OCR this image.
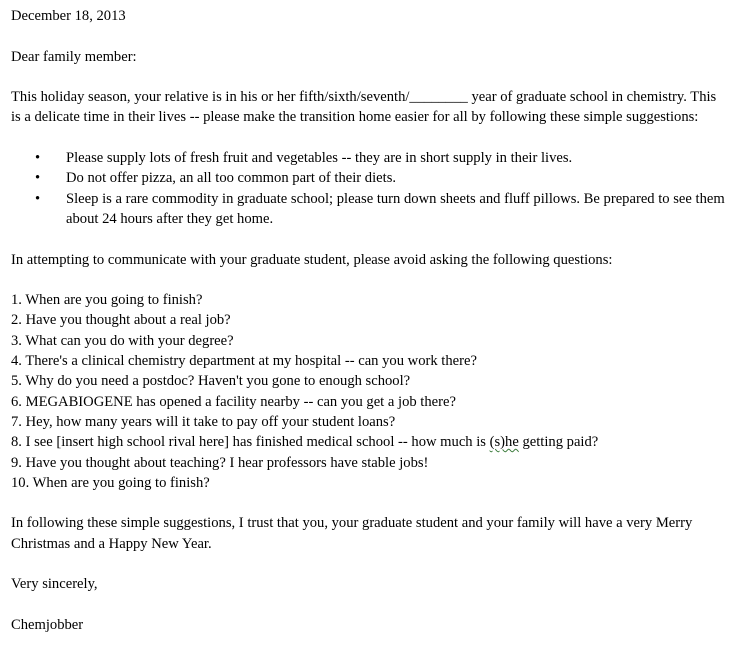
December 18, 2013
Dear family member:
This holiday season, your relative is in his or her fifth/sixth/seventh/________ year of graduate school in chemistry. This is a delicate time in their lives -- please make the transition home easier for all by following these simple suggestions:
• Please supply lots of fresh fruit and vegetables -- they are in short supply in their lives.
• Do not offer pizza, an all too common part of their diets.
• Sleep is a rare commodity in graduate school; please turn down sheets and fluff pillows. Be prepared to see them about 24 hours after they get home.
In attempting to communicate with your graduate student, please avoid asking the following questions:
1. When are you going to finish?
2. Have you thought about a real job?
3. What can you do with your degree?
4. There's a clinical chemistry department at my hospital -- can you work there?
5. Why do you need a postdoc? Haven't you gone to enough school?
6. MEGABIOGENE has opened a facility nearby -- can you get a job there?
7. Hey, how many years will it take to pay off your student loans?
8. I see [insert high school rival here] has finished medical school -- how much is (s)he getting paid?
9. Have you thought about teaching? I hear professors have stable jobs!
10. When are you going to finish?
In following these simple suggestions, I trust that you, your graduate student and your family will have a very Merry Christmas and a Happy New Year.
Very sincerely,
Chemjobber
